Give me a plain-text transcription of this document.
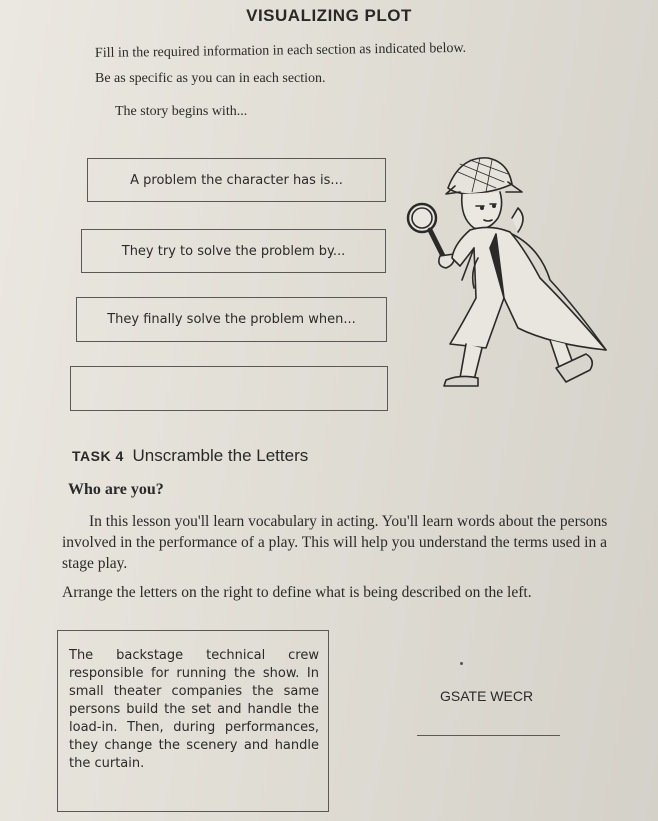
VISUALIZING PLOT
Fill in the required information in each section as indicated below.
Be as specific as you can in each section.
The story begins with...
A problem the character has is...
They try to solve the problem by...
They finally solve the problem when...
TASK 4 Unscramble the Letters
Who are you?
In this lesson you'll learn vocabulary in acting. You'll learn words about the persons involved in the performance of a play. This will help you understand the terms used in a stage play.
Arrange the letters on the right to define what is being described on the left.
The backstage technical crew responsible for running the show. In small theater companies the same persons build the set and handle the load-in. Then, during performances, they change the scenery and handle the curtain.
GSATE WECR
